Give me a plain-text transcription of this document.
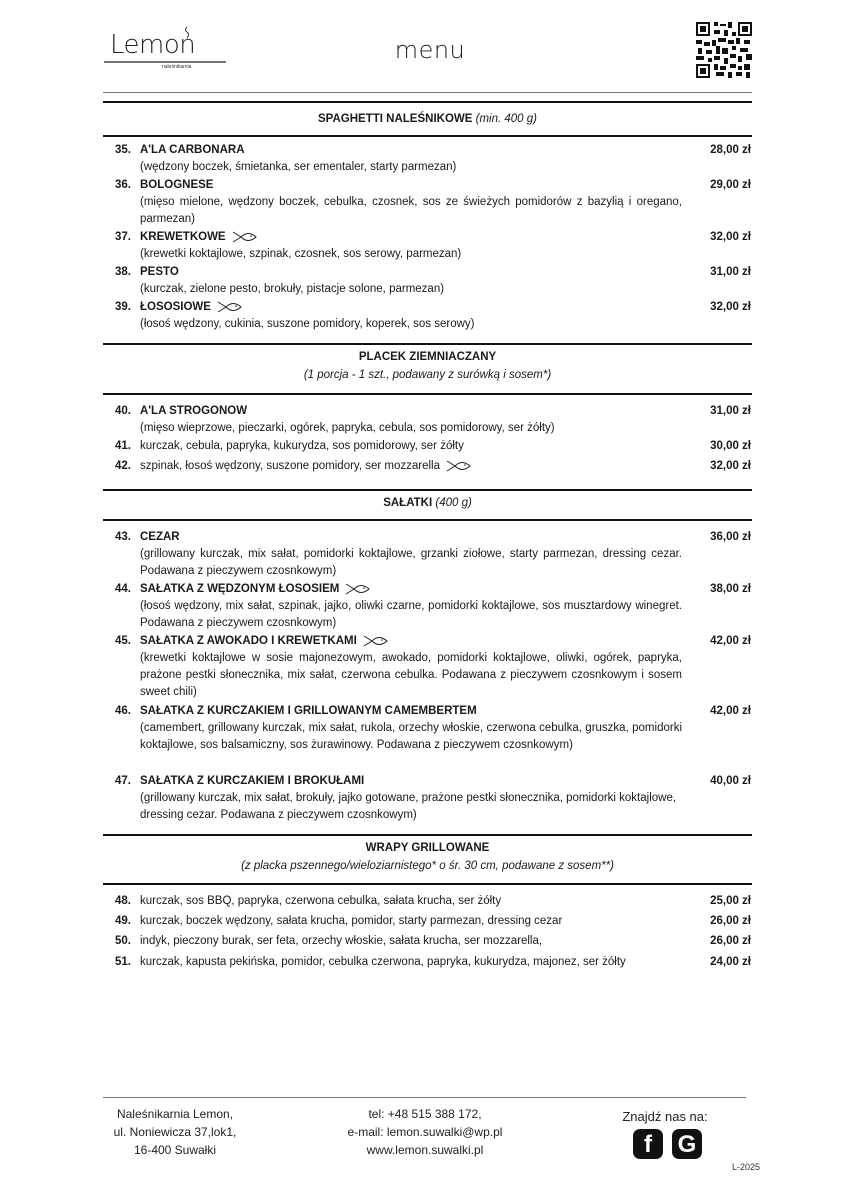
Lemon
naleśnikarnia
menu
SPAGHETTI NALEŚNIKOWE (min. 400 g)
35. A'LA CARBONARA	28,00 zł
(wędzony boczek, śmietanka, ser ementaler, starty parmezan)
36. BOLOGNESE	29,00 zł
(mięso mielone, wędzony boczek, cebulka, czosnek, sos ze świeżych pomidorów z bazylią i oregano, parmezan)
37. KREWETKOWE	32,00 zł
(krewetki koktajlowe, szpinak, czosnek, sos serowy, parmezan)
38. PESTO	31,00 zł
(kurczak, zielone pesto, brokuły, pistacje solone, parmezan)
39. ŁOSOSIOWE	32,00 zł
(łosoś wędzony, cukinia, suszone pomidory, koperek, sos serowy)
PLACEK ZIEMNIACZANY
(1 porcja - 1 szt., podawany z surówką i sosem*)
40. A'LA STROGONOW	31,00 zł
(mięso wieprzowe, pieczarki, ogórek, papryka, cebula, sos pomidorowy, ser żółty)
41. kurczak, cebula, papryka, kukurydza, sos pomidorowy, ser żółty	30,00 zł
42. szpinak, łosoś wędzony, suszone pomidory, ser mozzarella	32,00 zł
SAŁATKI (400 g)
43. CEZAR	36,00 zł
(grillowany kurczak, mix sałat, pomidorki koktajlowe, grzanki ziołowe, starty parmezan, dressing cezar. Podawana z pieczywem czosnkowym)
44. SAŁATKA Z WĘDZONYM ŁOSOSIEM	38,00 zł
(łosoś wędzony, mix sałat, szpinak, jajko, oliwki czarne, pomidorki koktajlowe, sos musztardowy winegret. Podawana z pieczywem czosnkowym)
45. SAŁATKA Z AWOKADO I KREWETKAMI	42,00 zł
(krewetki koktajlowe w sosie majonezowym, awokado, pomidorki koktajlowe, oliwki, ogórek, papryka, prażone pestki słonecznika, mix sałat, czerwona cebulka. Podawana z pieczywem czosnkowym i sosem sweet chili)
46. SAŁATKA Z KURCZAKIEM I GRILLOWANYM CAMEMBERTEM	42,00 zł
(camembert, grillowany kurczak, mix sałat, rukola, orzechy włoskie, czerwona cebulka, gruszka, pomidorki koktajlowe, sos balsamiczny, sos żurawinowy. Podawana z pieczywem czosnkowym)
47. SAŁATKA Z KURCZAKIEM I BROKUŁAMI	40,00 zł
(grillowany kurczak, mix sałat, brokuły, jajko gotowane, prażone pestki słonecznika, pomidorki koktajlowe, dressing cezar. Podawana z pieczywem czosnkowym)
WRAPY GRILLOWANE
(z placka pszennego/wieloziarnistego* o śr. 30 cm, podawane z sosem**)
48. kurczak, sos BBQ, papryka, czerwona cebulka, sałata krucha, ser żółty	25,00 zł
49. kurczak, boczek wędzony, sałata krucha, pomidor, starty parmezan, dressing cezar	26,00 zł
50. indyk, pieczony burak, ser feta, orzechy włoskie, sałata krucha, ser mozzarella,	26,00 zł
51. kurczak, kapusta pekińska, pomidor, cebulka czerwona, papryka, kukurydza, majonez, ser żółty	24,00 zł
Naleśnikarnia Lemon,
ul. Noniewicza 37,lok1,
16-400 Suwałki
tel: +48 515 388 172,
e-mail: lemon.suwalki@wp.pl
www.lemon.suwalki.pl
Znajdź nas na:
f	G
L-2025
